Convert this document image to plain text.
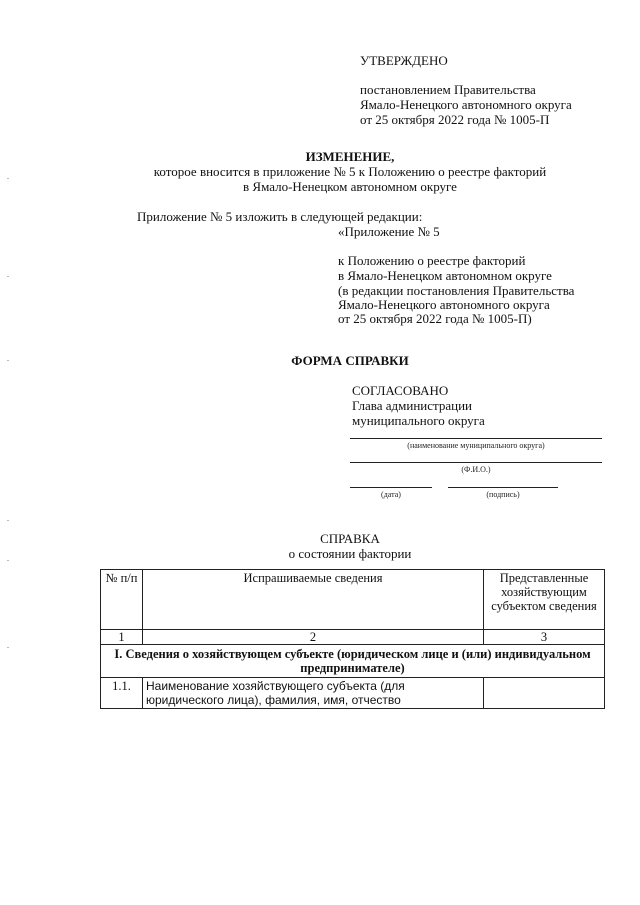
УТВЕРЖДЕНО
постановлением Правительства
Ямало-Ненецкого автономного округа
от 25 октября 2022 года № 1005-П
ИЗМЕНЕНИЕ,
которое вносится в приложение № 5 к Положению о реестре факторий
в Ямало-Ненецком автономном округе
Приложение № 5 изложить в следующей редакции:
«Приложение № 5
к Положению о реестре факторий
в Ямало-Ненецком автономном округе
(в редакции постановления Правительства
Ямало-Ненецкого автономного округа
от 25 октября 2022 года № 1005-П)
ФОРМА СПРАВКИ
СОГЛАСОВАНО
Глава администрации
муниципального округа
(наименование муниципального округа)
(Ф.И.О.)
(дата)	(подпись)
СПРАВКА
о состоянии фактории
№ п/п	Испрашиваемые сведения	Представленные хозяйствующим субъектом сведения
1	2	3
I. Сведения о хозяйствующем субъекте (юридическом лице и (или) индивидуальном предпринимателе)		
1.1.	Наименование хозяйствующего субъекта (для юридического лица), фамилия, имя, отчество	
